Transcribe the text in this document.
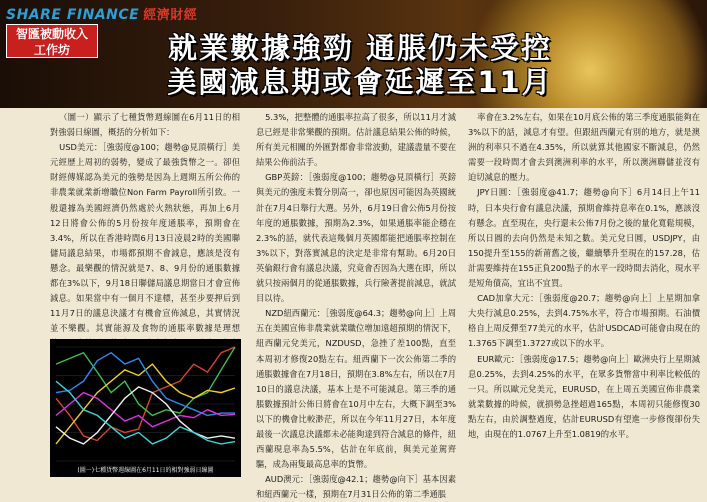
SHARE FINANCE 經濟財經
智匯被動收入
工作坊	就業數據強勁 通脹仍未受控
美國減息期或會延遲至11月

（圖一）顯示了七種貨幣週線圖在6月11日的相對強弱日線圖，概括的分析如下：

USD美元：［強弱度@100；趨勢@見頂橫行］美元經歷上周初的弱勢，變成了最強貨幣之一。卻但財經傳媒認為美元的強勢是因為上週期五所公佈的非農業就業新增職位Non Farm Payroll所引致。一般還據為美國經濟仍然處於火熱狀態，再加上6月12日將會公佈的5月份按年度通脹率，預期會在3.4%，所以在香港時間6月13日凌晨2時的美國聯儲局議息結果，市場都預期不會減息，應該是沒有懸念。最樂觀的情況就是7、8、9月份的通脹數據都在3%以下，9月18日聯儲局議息期當日才會宣佈減息。如果當中有一個月不達標，甚至步要押后到11月7日的議息決議才有機會宣佈減息，其實情況並不樂觀。其實能源及食物的通脹率數據是理想

(圖一)七種貨幣週線圖在6月11日的相對強弱日線圖

5.3%，把整體的通脹率拉高了很多，所以11月才減息已經是非常樂觀的預期。估計議息結果公佈的時候，所有美元相關的外匯對都會非常波動，建議盡量不要在結果公佈前沽手。

GBP英鎊：［強弱度@100；趨勢@見頂橫行］英鎊與美元的強度未贅分別高一，卻也原因可能因為英國統計在7月4日舉行大選。另外，6月19日會公佈5月份按年度的通脹數據，預期為2.3%，如果通脹率能企穩在2.3%的話，就代表這幾個月英國都能把通脹率控制在3%以下，對落實減息的決定是非常有幫助。6月20日英倫銀行會有議息決議，究竟會否因為大選在即，所以就只按兩個月的從通脹數據，兵行險著提前減息，就試目以待。

NZD紐西蘭元：［強弱度@64.3；趨勢@向上］上周五在美國宣佈非農業就業職位增加遠超預期的情況下，紐西蘭元兌美元，NZDUSD，急挫了差100點，直至本周初才修復20點左右。紐西蘭下一次公佈第二季的通脹數據會在7月18日，預期在3.8%左右，所以在7月10日的議息決議，基本上是不可能減息。第三季的通脹數據預計公佈日將會在10月中左右，大概下調至3%以下的機會比較渺茫，所以在今年11月27日，本年度最後一次議息決議都未必能夠達到符合減息的條件，紐西蘭現息率為5.5%，估計在年底前，與美元並駕齊驅，成為兩隻最高息率的貨幣。

AUD澳元：［強弱度@42.1；趨勢@向下］基本因素和紐西蘭元一樣，預期在7月31日公佈的第二季通脹

率會在3.2%左右，如果在10月底公佈的第三季度通脹能夠在3%以下的話，減息才有望。但跟紐西蘭元有別的地方，就是澳洲的利率只不過在4.35%，所以就算其他國家不斷減息，仍然需要一段時間才會去到澳洲利率的水平，所以澳洲聯儲並沒有迫切減息的壓力。

JPY日圓：［強弱度@41.7；趨勢@向下］6月14日上午11時，日本央行會有議息決議，預期會維持息率在0.1%，應該沒有懸念。直至現在，央行還未公佈7月份之後的量化寬鬆規模，所以日圓的去向仍然是未知之數。美元兌日圓，USDJPY，由150提升至155的新莆舊之後，繼續攀升至現在的157.28，估計需要維持在155正負200點子的水平一段時間去消化，現水平是短角債高，宜出不宜買。

CAD加拿大元：［強弱度@20.7；趨勢@向上］上星期加拿大央行減息0.25%，去到4.75%水平，符合市場預期。石油價格自上周反彈至77美元的水平，估計USDCAD可能會由現在的1.3765下調至1.3727或以下的水平。

EUR歐元：［強弱度@17.5；趨勢@向上］歐洲央行上星期減息0.25%，去到4.25%的水平，在眾多貨幣當中利率比較低的一只。所以歐元兌美元，EURUSD，在上周五美國宣佈非農業就業數據的時候，就損勢急挫超過165點，本周初只能修復30點左右，由於調整過度，估計EURUSD有望進一步修復卻份失地，由現在的1.0767上升至1.0819的水平。
